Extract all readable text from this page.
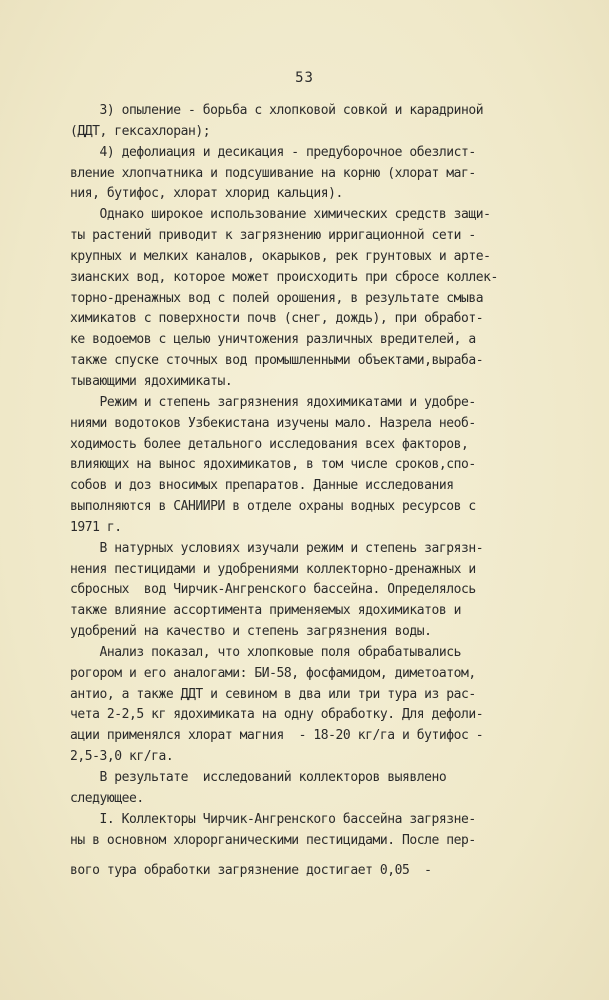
53
3) опыление - борьба с хлопковой совкой и карадриной
(ДДТ, гексахлоран);
4) дефолиация и десикация - предуборочное обезлист-
вление хлопчатника и подсушивание на корню (хлорат маг-
ния, бутифос, хлорат хлорид кальция).
Однако широкое использование химических средств защи-
ты растений приводит к загрязнению ирригационной сети -
крупных и мелких каналов, окарыков, рек грунтовых и арте-
зианских вод, которое может происходить при сбросе коллек-
торно-дренажных вод с полей орошения, в результате смыва
химикатов с поверхности почв (снег, дождь), при обработ-
ке водоемов с целью уничтожения различных вредителей, а
также спуске сточных вод промышленными объектами,выраба-
тывающими ядохимикаты.
Режим и степень загрязнения ядохимикатами и удобре-
ниями водотоков Узбекистана изучены мало. Назрела необ-
ходимость более детального исследования всех факторов,
влияющих на вынос ядохимикатов, в том числе сроков,спо-
собов и доз вносимых препаратов. Данные исследования
выполняются в САНИИРИ в отделе охраны водных ресурсов с
1971 г.
В натурных условиях изучали режим и степень загрязн-
нения пестицидами и удобрениями коллекторно-дренажных и
сбросных  вод Чирчик-Ангренского бассейна. Определялось
также влияние ассортимента применяемых ядохимикатов и
удобрений на качество и степень загрязнения воды.
Анализ показал, что хлопковые поля обрабатывались
рогором и его аналогами: БИ-58, фосфамидом, диметоатом,
антио, а также ДДТ и севином в два или три тура из рас-
чета 2-2,5 кг ядохимиката на одну обработку. Для дефоли-
ации применялся хлорат магния  - 18-20 кг/га и бутифос -
2,5-3,0 кг/га.
В результате  исследований коллекторов выявлено
следующее.
I. Коллекторы Чирчик-Ангренского бассейна загрязне-
ны в основном хлорорганическими пестицидами. После пер-
вого тура обработки загрязнение достигает 0,05  -
